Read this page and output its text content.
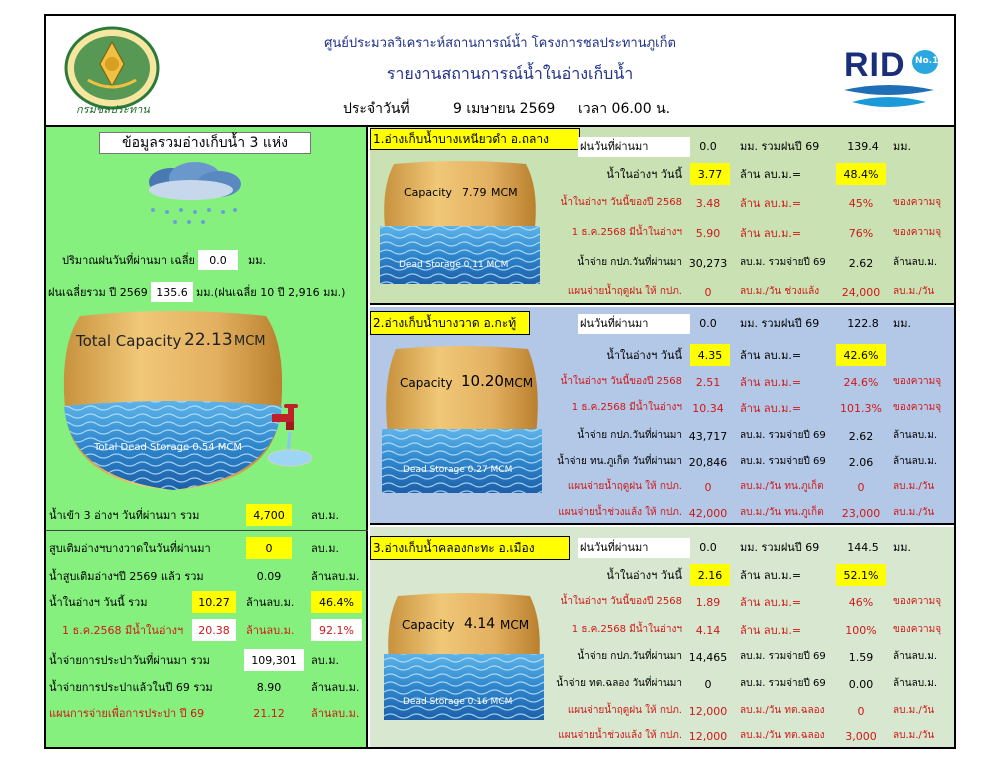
กรมชลประทาน
ศูนย์ประมวลวิเคราะห์สถานการณ์น้ำ โครงการชลประทานภูเก็ต
รายงานสถานการณ์น้ำในอ่างเก็บน้ำ
ประจำวันที่	9 เมษายน 2569 เวลา 06.00 น.
RID No.1
ข้อมูลรวมอ่างเก็บน้ำ 3 แห่ง
ปริมาณฝนวันที่ผ่านมา เฉลี่ย	0.0	มม.
ฝนเฉลี่ยรวม ปี 2569 135.6 มม.(ฝนเฉลี่ย 10 ปี 2,916 มม.)
Total Capacity 22.13 MCM
Total Dead Storage 0.54 MCM
น้ำเข้า 3 อ่างฯ วันที่ผ่านมา รวม	4,700	ลบ.ม.
สูบเติมอ่างฯบางวาดในวันที่ผ่านมา	0	ลบ.ม.
น้ำสูบเติมอ่างฯปี 2569 แล้ว รวม	0.09	ล้านลบ.ม.
น้ำในอ่างฯ วันนี้ รวม	10.27	ล้านลบ.ม.	46.4%
1 ธ.ค.2568 มีน้ำในอ่างฯ	20.38	ล้านลบ.ม.	92.1%
น้ำจ่ายการประปาวันที่ผ่านมา รวม	109,301	ลบ.ม.
น้ำจ่ายการประปาแล้วในปี 69 รวม	8.90	ล้านลบ.ม.
แผนการจ่ายเพื่อการประปา ปี 69	21.12	ล้านลบ.ม.
1.อ่างเก็บน้ำบางเหนียวดำ อ.ถลาง
Capacity 7.79 MCM
Dead Storage 0.11 MCM
ฝนวันที่ผ่านมา	0.0	มม. รวมฝนปี 69	139.4	มม.
น้ำในอ่างฯ วันนี้	3.77	ล้าน ลบ.ม.=	48.4%
น้ำในอ่างฯ วันนี้ของปี 2568	3.48	ล้าน ลบ.ม.=	45%	ของความจุ
1 ธ.ค.2568 มีน้ำในอ่างฯ	5.90	ล้าน ลบ.ม.=	76%	ของความจุ
น้ำจ่าย กปภ.วันที่ผ่านมา 30,273 ลบ.ม. รวมจ่ายปี 69	2.62	ล้านลบ.ม.
แผนจ่ายน้ำฤดูฝน ให้ กปภ.	0	ลบ.ม./วัน ช่วงแล้ง	24,000	ลบ.ม./วัน
2.อ่างเก็บน้ำบางวาด อ.กะทู้
Capacity 10.20 MCM
Dead Storage 0.27 MCM
ฝนวันที่ผ่านมา	0.0	มม. รวมฝนปี 69	122.8	มม.
น้ำในอ่างฯ วันนี้	4.35	ล้าน ลบ.ม.=	42.6%
น้ำในอ่างฯ วันนี้ของปี 2568	2.51	ล้าน ลบ.ม.=	24.6%	ของความจุ
1 ธ.ค.2568 มีน้ำในอ่างฯ 10.34	ล้าน ลบ.ม.=	101.3%	ของความจุ
น้ำจ่าย กปภ.วันที่ผ่านมา 43,717 ลบ.ม. รวมจ่ายปี 69	2.62	ล้านลบ.ม.
น้ำจ่าย ทน.ภูเก็ต วันที่ผ่านมา 20,846 ลบ.ม. รวมจ่ายปี 69	2.06	ล้านลบ.ม.
แผนจ่ายน้ำฤดูฝน ให้ กปภ.	0	ลบ.ม./วัน ทน.ภูเก็ต	0	ลบ.ม./วัน
แผนจ่ายน้ำช่วงแล้ง ให้ กปภ. 42,000 ลบ.ม./วัน ทน.ภูเก็ต	23,000	ลบ.ม./วัน
3.อ่างเก็บน้ำคลองกะทะ อ.เมือง
Capacity 4.14 MCM
Dead Storage 0.16 MCM
ฝนวันที่ผ่านมา	0.0	มม. รวมฝนปี 69	144.5	มม.
น้ำในอ่างฯ วันนี้	2.16	ล้าน ลบ.ม.=	52.1%
น้ำในอ่างฯ วันนี้ของปี 2568	1.89	ล้าน ลบ.ม.=	46%	ของความจุ
1 ธ.ค.2568 มีน้ำในอ่างฯ	4.14	ล้าน ลบ.ม.=	100%	ของความจุ
น้ำจ่าย กปภ.วันที่ผ่านมา 14,465 ลบ.ม. รวมจ่ายปี 69	1.59	ล้านลบ.ม.
น้ำจ่าย ทต.ฉลอง วันที่ผ่านมา	0	ลบ.ม. รวมจ่ายปี 69	0.00	ล้านลบ.ม.
แผนจ่ายน้ำฤดูฝน ให้ กปภ. 12,000 ลบ.ม./วัน ทต.ฉลอง	0	ลบ.ม./วัน
แผนจ่ายน้ำช่วงแล้ง ให้ กปภ. 12,000 ลบ.ม./วัน ทต.ฉลอง	3,000	ลบ.ม./วัน
